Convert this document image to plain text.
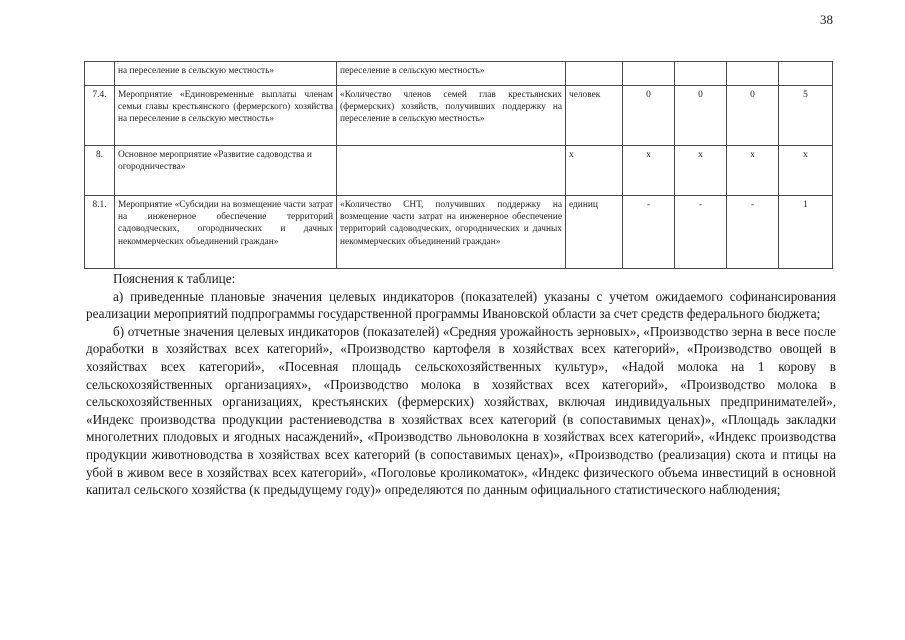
38
	на переселение в сельскую местность»	переселение в сельскую местность»					
7.4.	Мероприятие «Единовременные выплаты членам семьи главы крестьянского (фермерского) хозяйства на переселение в сельскую местность»	«Количество членов семей глав крестьянских (фермерских) хозяйств, получивших поддержку на переселение в сельскую местность»	человек	0	0	0	5
8.	Основное мероприятие «Развитие садоводства и огородничества»		х	х	х	х	х
8.1.	Мероприятие «Субсидии на возмещение части затрат на инженерное обеспечение территорий садоводческих, огороднических и дачных некоммерческих объединений граждан»	«Количество СНТ, получивших поддержку на возмещение части затрат на инженерное обеспечение территорий садоводческих, огороднических и дачных некоммерческих объединений граждан»	единиц	-	-	-	1

Пояснения к таблице:

а) приведенные плановые значения целевых индикаторов (показателей) указаны с учетом ожидаемого софинансирования реализации мероприятий подпрограммы государственной программы Ивановской области за счет средств федерального бюджета;

б) отчетные значения целевых индикаторов (показателей) «Средняя урожайность зерновых», «Производство зерна в весе после доработки в хозяйствах всех категорий», «Производство картофеля в хозяйствах всех категорий», «Производство овощей в хозяйствах всех категорий», «Посевная площадь сельскохозяйственных культур», «Надой молока на 1 корову в сельскохозяйственных организациях», «Производство молока в хозяйствах всех категорий», «Производство молока в сельскохозяйственных организациях, крестьянских (фермерских) хозяйствах, включая индивидуальных предпринимателей», «Индекс производства продукции растениеводства в хозяйствах всех категорий (в сопоставимых ценах)», «Площадь закладки многолетних плодовых и ягодных насаждений», «Производство льноволокна в хозяйствах всех категорий», «Индекс производства продукции животноводства в хозяйствах всех категорий (в сопоставимых ценах)», «Производство (реализация) скота и птицы на убой в живом весе в хозяйствах всех категорий», «Поголовье кроликоматок», «Индекс физического объема инвестиций в основной капитал сельского хозяйства (к предыдущему году)» определяются по данным официального статистического наблюдения;
